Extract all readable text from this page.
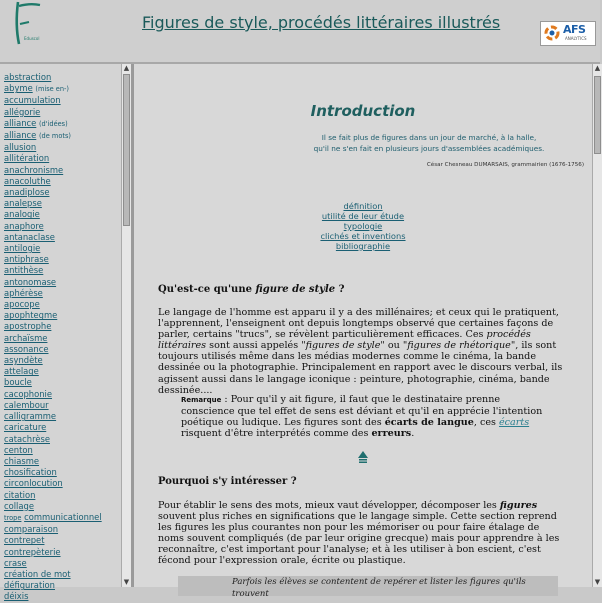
Eduscol
Figures de style, procédés littéraires illustrés	AFS
ANALYTICS
abstraction
abyme (mise en-)
accumulation
allégorie
alliance (d'idées)
alliance (de mots)
allusion
allitération
anachronisme
anacoluthe
anadiplose
analepse
analogie
anaphore
antanaclase
antilogie
antiphrase
antithèse
antonomase
aphérèse
apocope
apophtegme
apostrophe
archaïsme
assonance
asyndète
attelage
boucle
cacophonie
calembour
calligramme
caricature
catachrèse
centon
chiasme
chosification
circonlocution
citation
collage
trope communicationnel
comparaison
contrepet
contrepèterie
crase
création de mot
défiguration
déixis
▲
▼
Introduction
Il se fait plus de figures dans un jour de marché, à la halle,
qu'il ne s'en fait en plusieurs jours d'assemblées académiques.
César Chesneau DUMARSAIS, grammairien (1676-1756)
définition
utilité de leur étude
typologie
clichés et inventions
bibliographie
Qu'est-ce qu'une figure de style ?

Le langage de l'homme est apparu il y a des millénaires; et ceux qui le pratiquent, l'apprennent, l'enseignent ont depuis longtemps observé que certaines façons de parler, certains "trucs", se révèlent particulièrement efficaces. Ces procédés littéraires sont aussi appelés "figures de style" ou "figures de rhétorique", ils sont toujours utilisés même dans les médias modernes comme le cinéma, la bande dessinée ou la photographie. Principalement en rapport avec le discours verbal, ils agissent aussi dans le langage iconique : peinture, photographie, cinéma, bande dessinée....

Remarque : Pour qu'il y ait figure, il faut que le destinataire prenne conscience que tel effet de sens est déviant et qu'il en apprécie l'intention poétique ou ludique. Les figures sont des écarts de langue, ces écarts risquent d'être interprétés comme des erreurs.
Pourquoi s'y intéresser ?

Pour établir le sens des mots, mieux vaut développer, décomposer les figures souvent plus riches en significations que le langage simple. Cette section reprend les figures les plus courantes non pour les mémoriser ou pour faire étalage de noms souvent compliqués (de par leur origine grecque) mais pour apprendre à les reconnaître, c'est important pour l'analyse; et à les utiliser à bon escient, c'est fécond pour l'expression orale, écrite ou plastique.

Parfois les élèves se contentent de repérer et lister les figures qu'ils trouvent
▲
▼
